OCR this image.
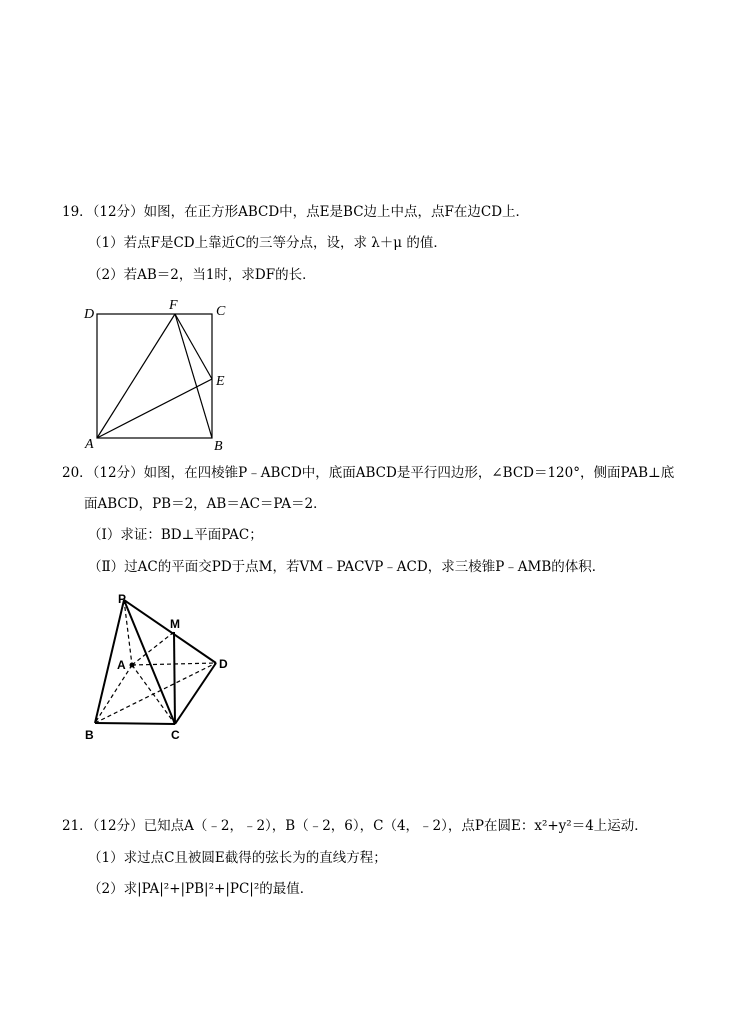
19．（12分）如图，在正方形ABCD中，点E是BC边上中点，点F在边CD上．
（1）若点F是CD上靠近C的三等分点，设，求 λ＋μ 的值．
（2）若AB＝2，当1时，求DF的长．
D
F	C
E
A	B
20．（12分）如图，在四棱锥P﹣ABCD中，底面ABCD是平行四边形，∠BCD＝120°，侧面PAB⊥底
面ABCD，PB＝2，AB＝AC＝PA＝2．
（Ⅰ）求证：BD⊥平面PAC；
（Ⅱ）过AC的平面交PD于点M，若VM﹣PACVP﹣ACD，求三棱锥P﹣AMB的体积．
P
M
A	D
B	C
21．（12分）已知点A（﹣2，﹣2），B（﹣2，6），C（4，﹣2），点P在圆E：x²+y²＝4上运动．
（1）求过点C且被圆E截得的弦长为的直线方程；
（2）求|PA|²+|PB|²+|PC|²的最值．
